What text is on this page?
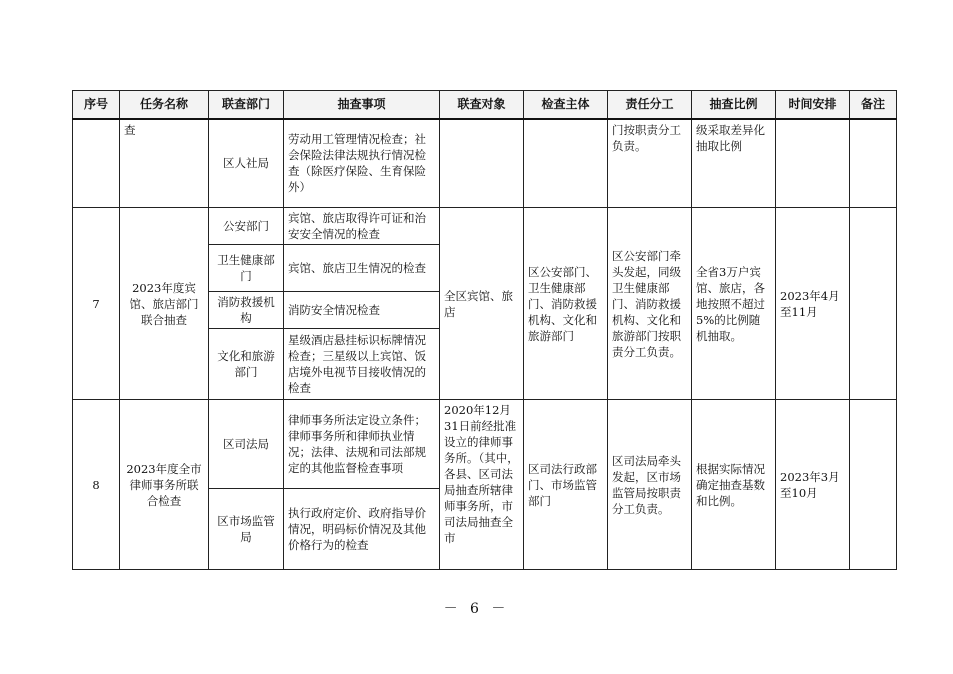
序号	任务名称	联查部门	抽查事项	联查对象	检查主体	责任分工	抽查比例	时间安排	备注
	查	区人社局	劳动用工管理情况检查；社会保险法律法规执行情况检查（除医疗保险、生育保险外）			门按职责分工负责。	级采取差异化抽取比例		
7	2023年度宾馆、旅店部门联合抽查	公安部门	宾馆、旅店取得许可证和治安安全情况的检查	全区宾馆、旅店	区公安部门、卫生健康部门、消防救援机构、文化和旅游部门	区公安部门牵头发起，同级卫生健康部门、消防救援机构、文化和旅游部门按职责分工负责。	全省3万户宾馆、旅店，各地按照不超过5%的比例随机抽取。	2023年4月至11月	
		卫生健康部门	宾馆、旅店卫生情况的检查						
		消防救援机构	消防安全情况检查						
		文化和旅游部门	星级酒店悬挂标识标牌情况检查；三星级以上宾馆、饭店境外电视节目接收情况的检查						
8	2023年度全市律师事务所联合检查	区司法局	律师事务所法定设立条件；律师事务所和律师执业情况；法律、法规和司法部规定的其他监督检查事项	2020年12月31日前经批准设立的律师事务所。（其中，各县、区司法局抽查所辖律师事务所，市司法局抽查全市	区司法行政部门、市场监管部门	区司法局牵头发起，区市场监管局按职责分工负责。	根据实际情况确定抽查基数和比例。	2023年3月至10月	
		区市场监管局	执行政府定价、政府指导价情况，明码标价情况及其他价格行为的检查						
－ 6 －
